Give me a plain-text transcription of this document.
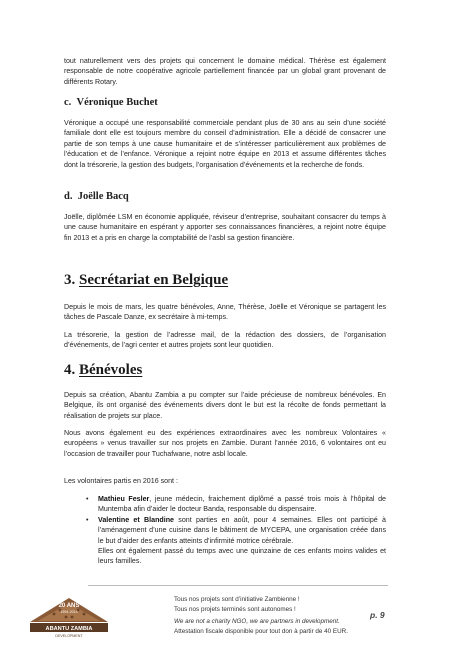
tout naturellement vers des projets qui concernent le domaine médical. Thérèse est également responsable de notre coopérative agricole partiellement financée par un global grant provenant de différents Rotary.
c.  Véronique Buchet
Véronique a occupé une responsabilité commerciale pendant plus de 30 ans au sein d’une société familiale dont elle est toujours membre du conseil d’administration. Elle a décidé de consacrer une partie de son temps à une cause humanitaire et de s’intéresser particulièrement aux problèmes de l’éducation et de l’enfance. Véronique a rejoint notre équipe en 2013 et assume différentes tâches dont la trésorerie, la gestion des budgets, l’organisation d’événements et la recherche de fonds.
d.  Joëlle Bacq
Joëlle, diplômée LSM en économie appliquée, réviseur d’entreprise, souhaitant consacrer du temps à une cause humanitaire en espérant y apporter ses connaissances financières, a rejoint notre équipe fin 2013 et a pris en charge la comptabilité de l’asbl sa gestion financière.
3. Secrétariat en Belgique
Depuis le mois de mars, les quatre bénévoles, Anne, Thérèse, Joëlle et Véronique se partagent les tâches de Pascale Danze, ex secrétaire à mi-temps.
La trésorerie, la gestion de l’adresse mail, de la rédaction des dossiers, de l’organisation d’événements, de l’agri center et autres projets sont leur quotidien.
4. Bénévoles
Depuis sa création, Abantu Zambia a pu compter sur l’aide précieuse de nombreux bénévoles. En Belgique, ils ont organisé des événements divers dont le but est la récolte de fonds permettant la réalisation de projets sur place.
Nous avons également eu des expériences extraordinaires avec les nombreux Volontaires « européens » venus travailler sur nos projets en Zambie. Durant l’année 2016, 6 volontaires ont eu l’occasion de travailler pour Tuchafwane, notre asbl locale.
Les volontaires partis en 2016 sont :
• Mathieu Fesler, jeune médecin, fraichement diplômé a passé trois mois à l’hôpital de Muntemba afin d’aider le docteur Banda, responsable du dispensaire.
• Valentine et Blandine sont parties en août, pour 4 semaines. Elles ont participé à l’aménagement d’une cuisine dans le bâtiment de MYCEPA, une organisation créée dans le but d’aider des enfants atteints d’infirmité motrice cérébrale.
Elles ont également passé du temps avec une quinzaine de ces enfants moins valides et leurs familles.
20 ANS
1994-2014
ABANTU ZAMBIA
DEVELOPMENT
Tous nos projets sont d’initiative Zambienne !
Tous nos projets terminés sont autonomes !
We are not a charity NGO, we are partners in development.
Attestation fiscale disponible pour tout don à partir de 40 EUR.
p. 9
